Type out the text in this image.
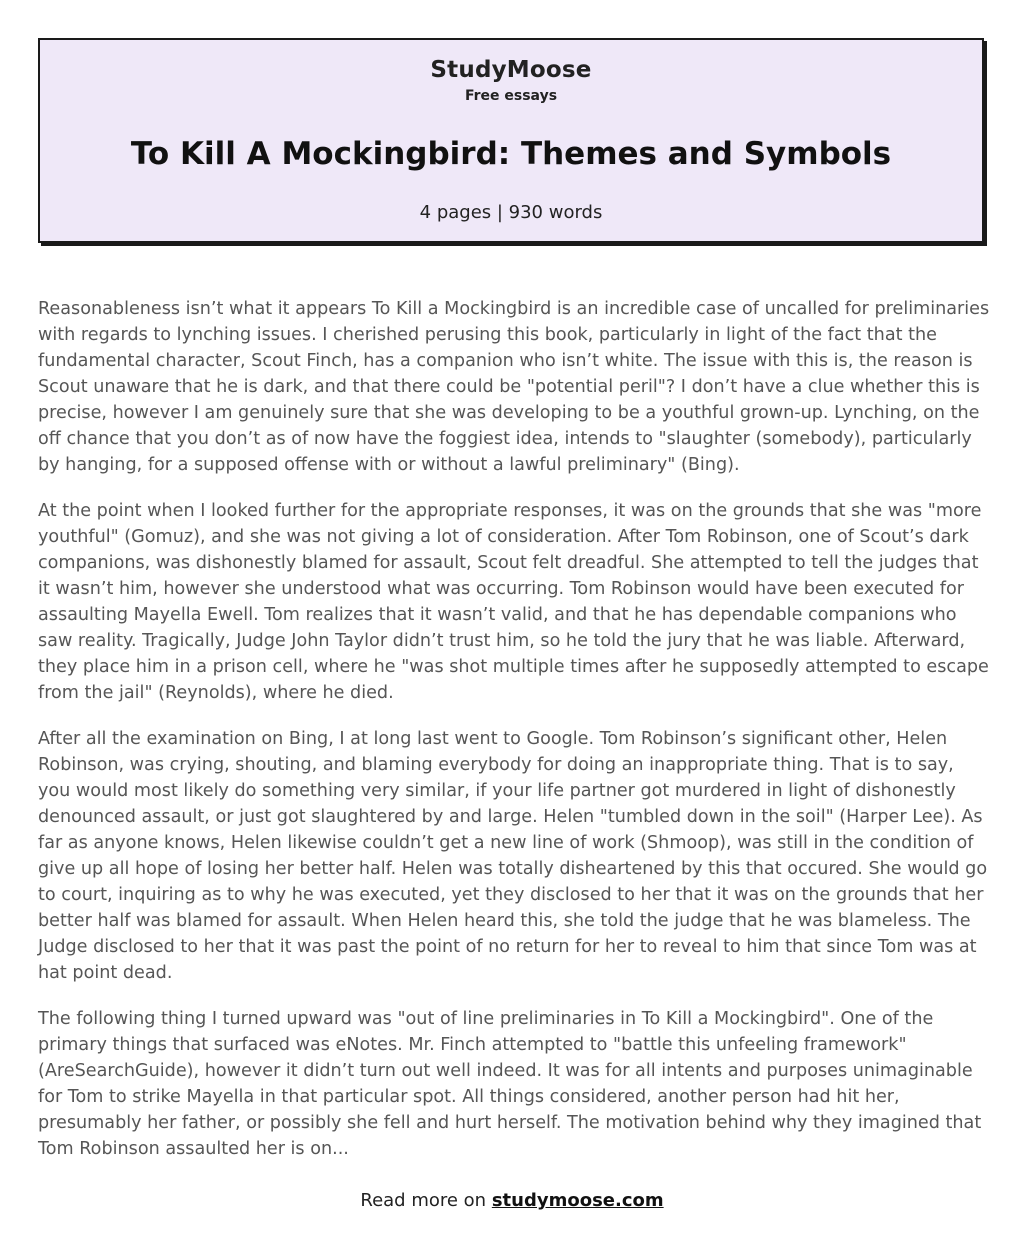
StudyMoose
Free essays
To Kill A Mockingbird: Themes and Symbols
4 pages | 930 words

Reasonableness isn’t what it appears To Kill a Mockingbird is an incredible case of uncalled for preliminaries with regards to lynching issues. I cherished perusing this book, particularly in light of the fact that the fundamental character, Scout Finch, has a companion who isn’t white. The issue with this is, the reason is Scout unaware that he is dark, and that there could be "potential peril"? I don’t have a clue whether this is precise, however I am genuinely sure that she was developing to be a youthful grown-up. Lynching, on the off chance that you don’t as of now have the foggiest idea, intends to "slaughter (somebody), particularly by hanging, for a supposed offense with or without a lawful preliminary" (Bing).

At the point when I looked further for the appropriate responses, it was on the grounds that she was "more youthful" (Gomuz), and she was not giving a lot of consideration. After Tom Robinson, one of Scout’s dark companions, was dishonestly blamed for assault, Scout felt dreadful. She attempted to tell the judges that it wasn’t him, however she understood what was occurring. Tom Robinson would have been executed for assaulting Mayella Ewell. Tom realizes that it wasn’t valid, and that he has dependable companions who saw reality. Tragically, Judge John Taylor didn’t trust him, so he told the jury that he was liable. Afterward, they place him in a prison cell, where he "was shot multiple times after he supposedly attempted to escape from the jail" (Reynolds), where he died.

After all the examination on Bing, I at long last went to Google. Tom Robinson’s significant other, Helen Robinson, was crying, shouting, and blaming everybody for doing an inappropriate thing. That is to say, you would most likely do something very similar, if your life partner got murdered in light of dishonestly denounced assault, or just got slaughtered by and large. Helen "tumbled down in the soil" (Harper Lee). As far as anyone knows, Helen likewise couldn’t get a new line of work (Shmoop), was still in the condition of give up all hope of losing her better half. Helen was totally disheartened by this that occured. She would go to court, inquiring as to why he was executed, yet they disclosed to her that it was on the grounds that her better half was blamed for assault. When Helen heard this, she told the judge that he was blameless. The Judge disclosed to her that it was past the point of no return for her to reveal to him that since Tom was at hat point dead.

The following thing I turned upward was "out of line preliminaries in To Kill a Mockingbird". One of the primary things that surfaced was eNotes. Mr. Finch attempted to "battle this unfeeling framework" (AreSearchGuide), however it didn’t turn out well indeed. It was for all intents and purposes unimaginable for Tom to strike Mayella in that particular spot. All things considered, another person had hit her, presumably her father, or possibly she fell and hurt herself. The motivation behind why they imagined that Tom Robinson assaulted her is on...

Read more on studymoose.com
